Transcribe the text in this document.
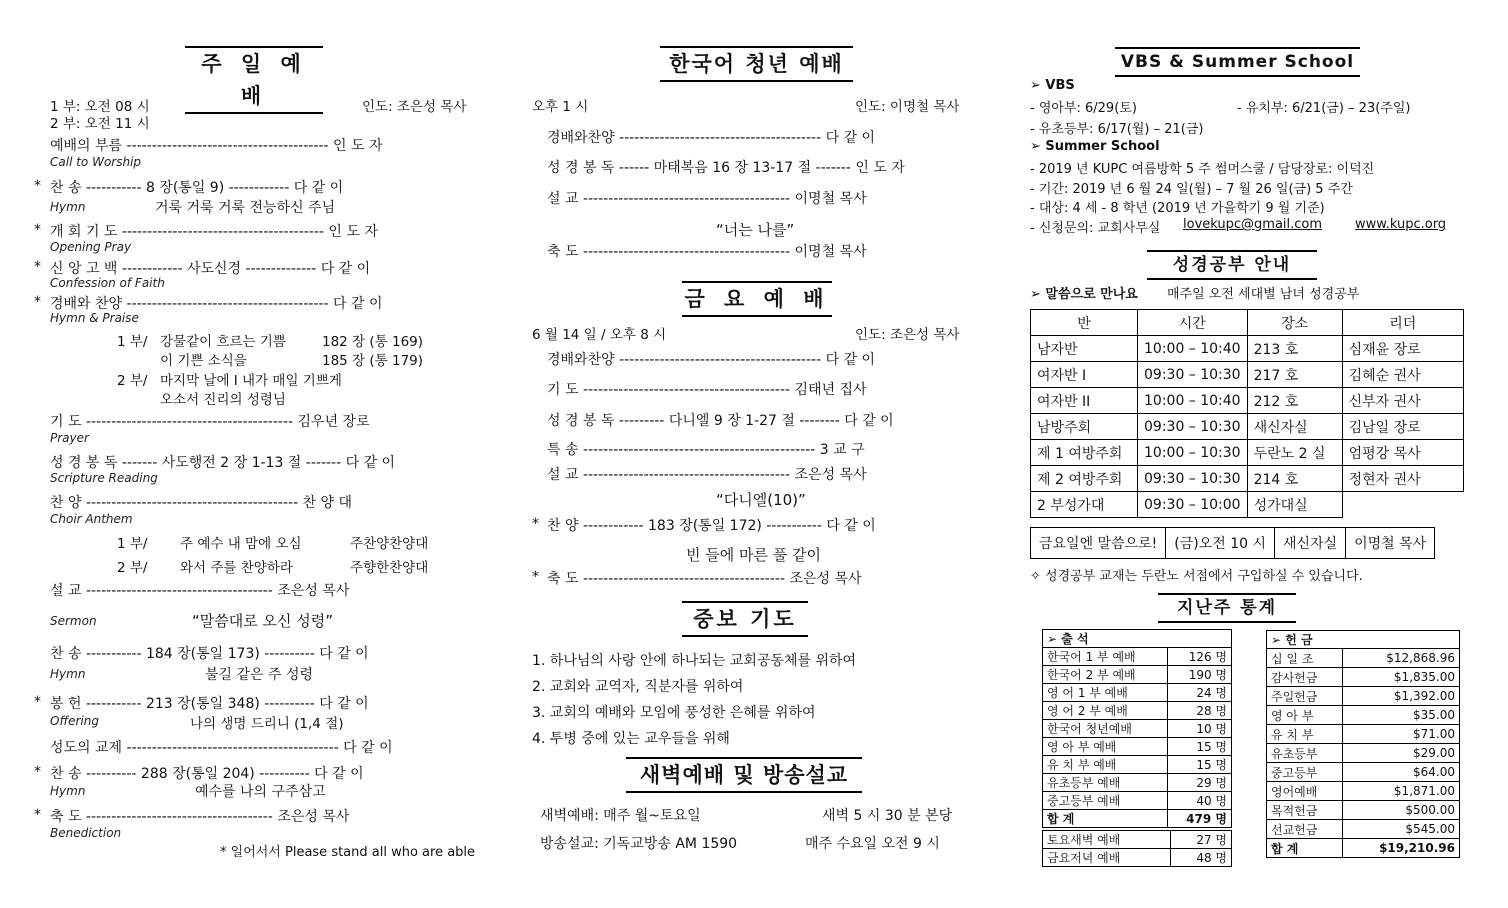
주 일 예 배
1 부: 오전 08 시
2 부: 오전 11 시
인도: 조은성 목사
예배의 부름 ---------------------------------------- 인 도 자
Call to Worship
* 찬 송 ----------- 8 장(통일 9) ------------ 다 같 이
Hymn	거룩 거룩 거룩 전능하신 주님
* 개 회 기 도 ---------------------------------------- 인 도 자
Opening Pray
* 신 앙 고 백 ------------ 사도신경 -------------- 다 같 이
Confession of Faith
* 경배와 찬양 ---------------------------------------- 다 같 이
Hymn & Praise
1 부/ 강물같이 흐르는 기쁨	182 장 (통 169)
이 기쁜 소식을	185 장 (통 179)
2 부/ 마지막 날에 I 내가 매일 기쁘게
오소서 진리의 성령님
기 도 ----------------------------------------- 김우년 장로
Prayer
성 경 봉 독 ------- 사도행전 2 장 1-13 절 ------- 다 같 이
Scripture Reading
찬 양 ------------------------------------------ 찬 양 대
Choir Anthem
1 부/ 주 예수 내 맘에 오심	주찬양찬양대
2 부/ 와서 주를 찬양하라	주향한찬양대
설 교 ------------------------------------- 조은성 목사
Sermon	“말씀대로 오신 성령”
찬 송 ----------- 184 장(통일 173) ---------- 다 같 이
Hymn	불길 같은 주 성령
* 봉 헌 ----------- 213 장(통일 348) ---------- 다 같 이
Offering	나의 생명 드리니 (1,4 절)
성도의 교제 ------------------------------------------ 다 같 이
* 찬 송 ---------- 288 장(통일 204) ---------- 다 같 이
Hymn	예수를 나의 구주삼고
* 축 도 ------------------------------------- 조은성 목사
Benediction
* 일어서서 Please stand all who are able
한국어 청년 예배
오후 1 시	인도: 이명철 목사
경배와찬양 ---------------------------------------- 다 같 이
성 경 봉 독 ------ 마태복음 16 장 13-17 절 ------- 인 도 자
설 교 ----------------------------------------- 이명철 목사
“너는 나를”
축 도 ----------------------------------------- 이명철 목사
금 요 예 배
6 월 14 일 / 오후 8 시	인도: 조은성 목사
경배와찬양 ---------------------------------------- 다 같 이
기 도 ----------------------------------------- 김태년 집사
성 경 봉 독 --------- 다니엘 9 장 1-27 절 -------- 다 같 이
특 송 ---------------------------------------------- 3 교 구
설 교 ----------------------------------------- 조은성 목사
“다니엘(10)”
* 찬 양 ------------ 183 장(통일 172) ----------- 다 같 이
빈 들에 마른 풀 같이
* 축 도 ---------------------------------------- 조은성 목사
중보 기도
1. 하나님의 사랑 안에 하나되는 교회공동체를 위하여
2. 교회와 교역자, 직분자를 위하여
3. 교회의 예배와 모임에 풍성한 은혜를 위하여
4. 투병 중에 있는 교우들을 위해
새벽예배 및 방송설교
새벽예배: 매주 월~토요일	새벽 5 시 30 분 본당
방송설교: 기독교방송 AM 1590	매주 수요일 오전 9 시
VBS & Summer School
➢ VBS
- 영아부: 6/29(토)	- 유치부: 6/21(금) – 23(주일)
- 유초등부: 6/17(월) – 21(금)
➢ Summer School
- 2019 년 KUPC 여름방학 5 주 썸머스쿨 / 담당장로: 이덕진
- 기간: 2019 년 6 월 24 일(월) – 7 월 26 일(금) 5 주간
- 대상: 4 세 - 8 학년 (2019 년 가을학기 9 월 기준)
- 신청문의: 교회사무실 lovekupc@gmail.com	www.kupc.org
성경공부 안내
➢ 말씀으로 만나요 매주일 오전 세대별 남녀 성경공부
반	시간	장소	리더
남자반	10:00 – 10:40	213 호	심재윤 장로
여자반 I	09:30 – 10:30	217 호	김혜순 권사
여자반 II	10:00 – 10:40	212 호	신부자 권사
남방주회	09:30 – 10:30	새신자실	김남일 장로
제 1 여방주회	10:00 – 10:30	두란노 2 실	엄평강 목사
제 2 여방주회	09:30 – 10:30	214 호	정현자 권사
2 부성가대	09:30 – 10:00	성가대실	
금요일엔 말씀으로!	(금)오전 10 시	새신자실	이명철 목사
✧ 성경공부 교재는 두란노 서점에서 구입하실 수 있습니다.
지난주 통계
➢ 출 석	
한국어 1 부 예배	126 명
한국어 2 부 예배	190 명
영 어 1 부 예배	24 명
영 어 2 부 예배	28 명
한국어 청년예배	10 명
영 아 부 예배	15 명
유 치 부 예배	15 명
유초등부 예배	29 명
중고등부 예배	40 명
합 계	479 명
토요새벽 예배	27 명
금요저녁 예배	48 명
➢ 헌 금	
십 일 조	$12,868.96
감사헌금	$1,835.00
주일헌금	$1,392.00
영 아 부	$35.00
유 치 부	$71.00
유초등부	$29.00
중고등부	$64.00
영어예배	$1,871.00
목적헌금	$500.00
선교헌금	$545.00
합 계	$19,210.96
